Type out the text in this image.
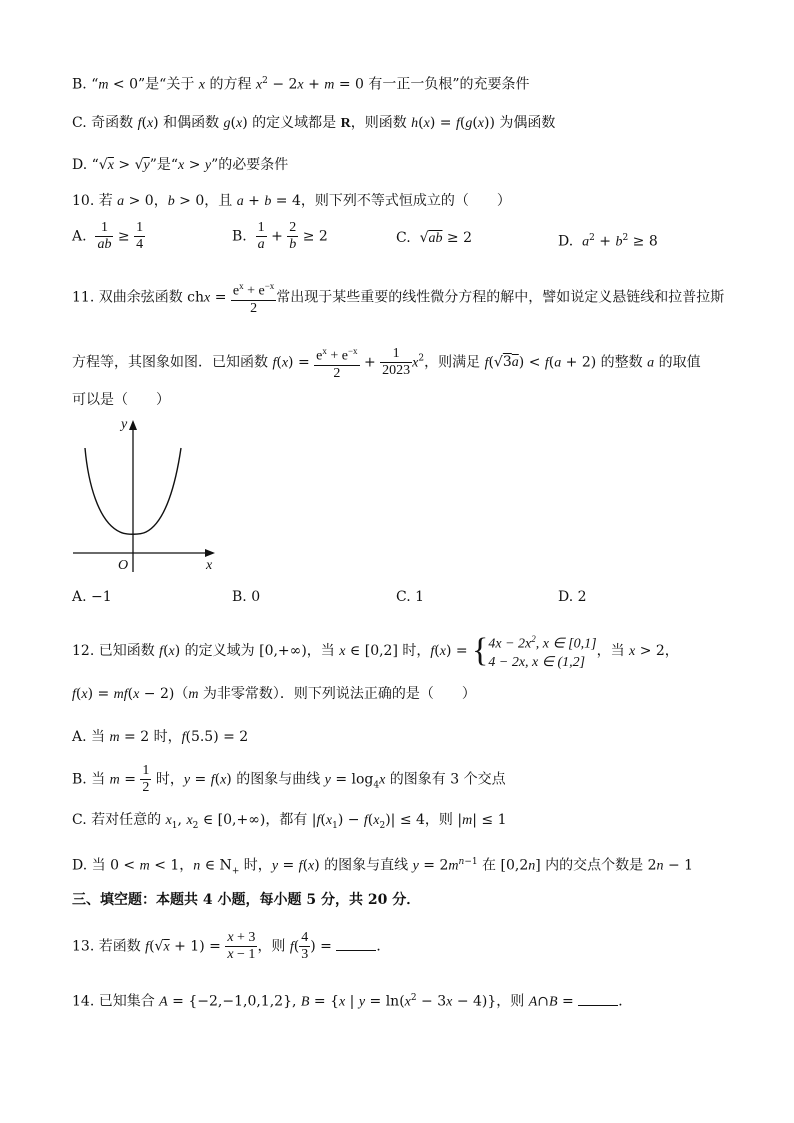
B. “m < 0”是“关于 x 的方程 $x^2 - 2x + m = 0$ 有一正一负根”的充要条件
C. 奇函数 f(x) 和偶函数 g(x) 的定义域都是 R，则函数 h(x) = f(g(x)) 为偶函数
D. “√x > √y”是“x > y”的必要条件
10. 若 a > 0，b > 0，且 a + b = 4，则下列不等式恒成立的（　　）
A. $\frac{1}{ab} \ge \frac{1}{4}$	B. $\frac{1}{a} + \frac{2}{b} \ge 2$	C.  √ab ≥ 2	D.  $a^2 + b^2 \ge 8$
11. 双曲余弦函数 chx = $\frac{e^x + e^{-x}}{2}$ 常出现于某些重要的线性微分方程的解中，譬如说定义悬链线和拉普拉斯
方程等，其图象如图．已知函数 $f(x) = \frac{e^x + e^{-x}}{2} + \frac{1}{2023} x^2$，则满足 f(√3a) < f(a + 2) 的整数 a 的取值
可以是（　　）
y
x
O
A. −1	B. 0	C. 1	D. 2
12. 已知函数 f(x) 的定义域为 [0,+∞)，当 x ∈ [0,2] 时，$f(x) = \{4x - 2x^2$, x ∈ [0,1]
4 − 2x, x ∈ (1,2]，当 x > 2，
f(x) = mf(x − 2)（m 为非零常数）．则下列说法正确的是（　　）
A. 当 m = 2 时，f(5.5) = 2
B. 当 $m = \frac{1}{2}$ 时，y = f(x) 的图象与曲线 $y = \log_4x$ 的图象有 3 个交点
C. 若对任意的 $x_1$, $x_2$ ∈ [0,+∞)，都有 $|f(x_1) - f(x_2)| \le 4$，则 |m| ≤ 1
D. 当 0 < m < 1，n ∈ $N_+$ 时，y = f(x) 的图象与直线 $y = 2m^{n-1}$ 在 [0,2n] 内的交点个数是 2n − 1
三、填空题：本题共 4 小题，每小题 5 分，共 20 分．
13. 若函数 $f(√x + 1) = \frac{x + 3}{x - 1}$ ，则 $f( \frac{4}{3}$ ) =	．
14. 已知集合 A = {−2,−1,0,1,2}, B = {x | $y = \ln(x^2 - 3x - 4)$}，则 A∩B =	．
